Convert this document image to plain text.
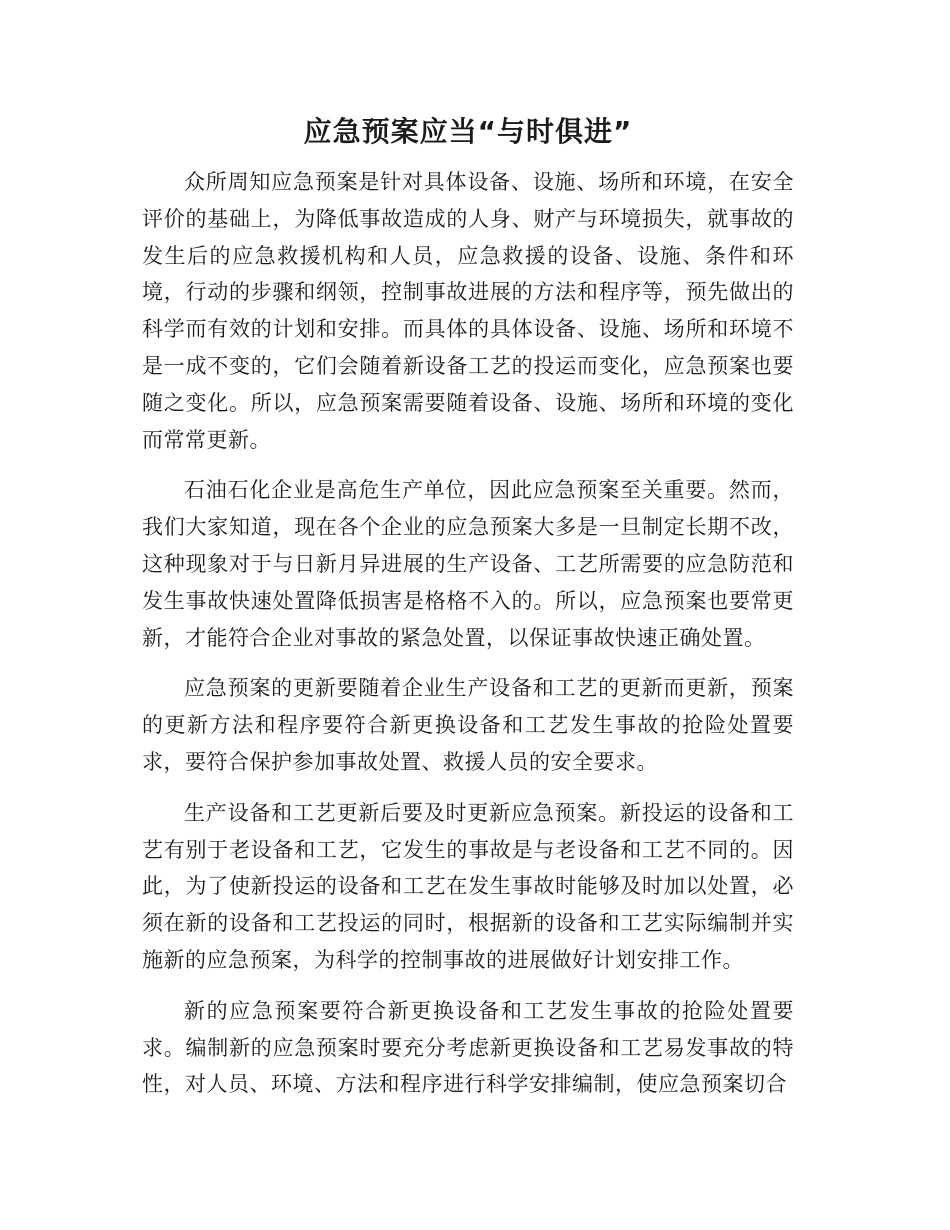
应急预案应当“与时俱进”

众所周知应急预案是针对具体设备、设施、场所和环境，在安全评价的基础上，为降低事故造成的人身、财产与环境损失，就事故的发生后的应急救援机构和人员，应急救援的设备、设施、条件和环境，行动的步骤和纲领，控制事故进展的方法和程序等，预先做出的科学而有效的计划和安排。而具体的具体设备、设施、场所和环境不是一成不变的，它们会随着新设备工艺的投运而变化，应急预案也要随之变化。所以，应急预案需要随着设备、设施、场所和环境的变化而常常更新。

石油石化企业是高危生产单位，因此应急预案至关重要。然而，我们大家知道，现在各个企业的应急预案大多是一旦制定长期不改，这种现象对于与日新月异进展的生产设备、工艺所需要的应急防范和发生事故快速处置降低损害是格格不入的。所以，应急预案也要常更新，才能符合企业对事故的紧急处置，以保证事故快速正确处置。

应急预案的更新要随着企业生产设备和工艺的更新而更新，预案的更新方法和程序要符合新更换设备和工艺发生事故的抢险处置要求，要符合保护参加事故处置、救援人员的安全要求。

生产设备和工艺更新后要及时更新应急预案。新投运的设备和工艺有别于老设备和工艺，它发生的事故是与老设备和工艺不同的。因此，为了使新投运的设备和工艺在发生事故时能够及时加以处置，必须在新的设备和工艺投运的同时，根据新的设备和工艺实际编制并实施新的应急预案，为科学的控制事故的进展做好计划安排工作。

新的应急预案要符合新更换设备和工艺发生事故的抢险处置要求。编制新的应急预案时要充分考虑新更换设备和工艺易发事故的特性，对人员、环境、方法和程序进行科学安排编制，使应急预案切合
